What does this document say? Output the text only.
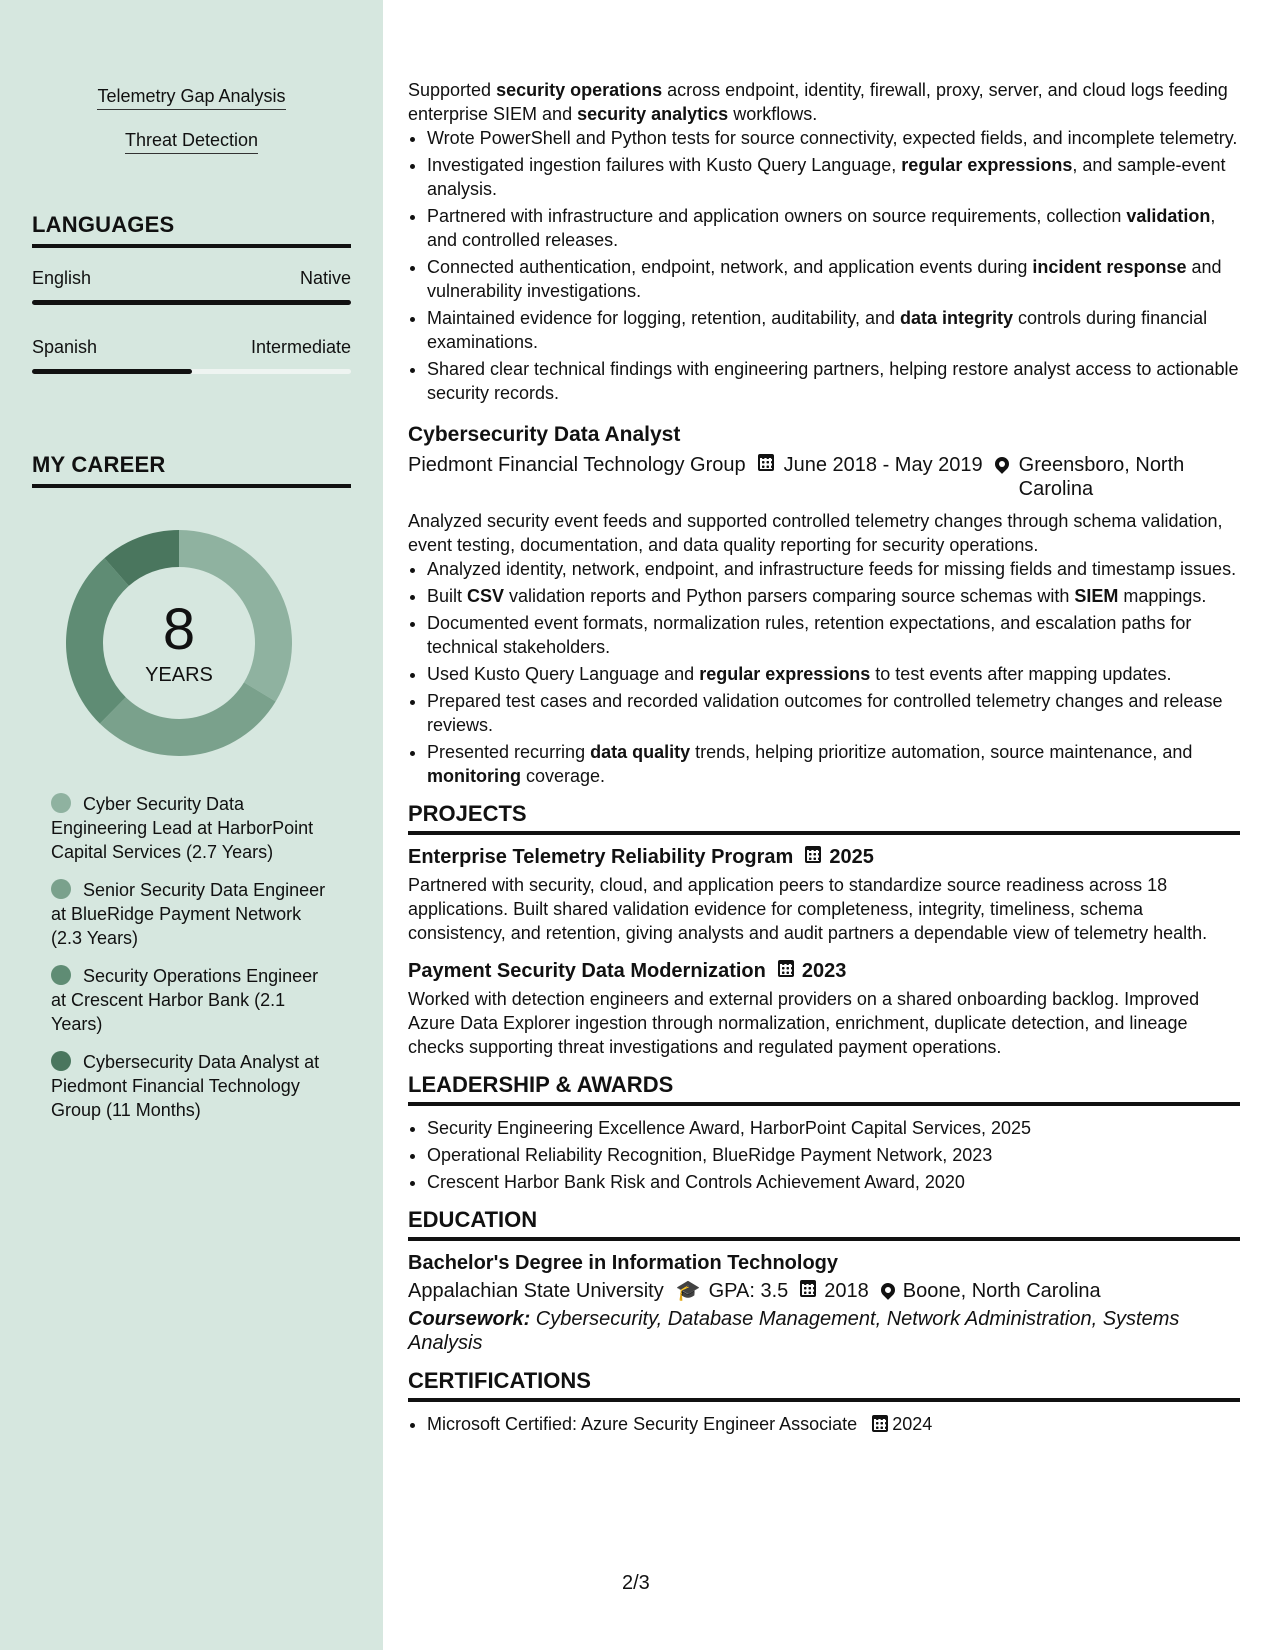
Telemetry Gap Analysis
Threat Detection
LANGUAGES
English	Native
Spanish	Intermediate
MY CAREER
8
YEARS
Cyber Security Data Engineering Lead at HarborPoint Capital Services (2.7 Years)
Senior Security Data Engineer at BlueRidge Payment Network (2.3 Years)
Security Operations Engineer at Crescent Harbor Bank (2.1 Years)
Cybersecurity Data Analyst at Piedmont Financial Technology Group (11 Months)

Supported security operations across endpoint, identity, firewall, proxy, server, and cloud logs feeding enterprise SIEM and security analytics workflows.

• Wrote PowerShell and Python tests for source connectivity, expected fields, and incomplete telemetry.
• Investigated ingestion failures with Kusto Query Language, regular expressions, and sample-event analysis.
• Partnered with infrastructure and application owners on source requirements, collection validation, and controlled releases.
• Connected authentication, endpoint, network, and application events during incident response and vulnerability investigations.
• Maintained evidence for logging, retention, auditability, and data integrity controls during financial examinations.
• Shared clear technical findings with engineering partners, helping restore analyst access to actionable security records.
Cybersecurity Data Analyst
Piedmont Financial Technology Group June 2018 - May 2019 Greensboro, North Carolina

Analyzed security event feeds and supported controlled telemetry changes through schema validation, event testing, documentation, and data quality reporting for security operations.

• Analyzed identity, network, endpoint, and infrastructure feeds for missing fields and timestamp issues.
• Built CSV validation reports and Python parsers comparing source schemas with SIEM mappings.
• Documented event formats, normalization rules, retention expectations, and escalation paths for technical stakeholders.
• Used Kusto Query Language and regular expressions to test events after mapping updates.
• Prepared test cases and recorded validation outcomes for controlled telemetry changes and release reviews.
• Presented recurring data quality trends, helping prioritize automation, source maintenance, and monitoring coverage.
PROJECTS
Enterprise Telemetry Reliability Program 2025

Partnered with security, cloud, and application peers to standardize source readiness across 18 applications. Built shared validation evidence for completeness, integrity, timeliness, schema consistency, and retention, giving analysts and audit partners a dependable view of telemetry health.

Payment Security Data Modernization 2023

Worked with detection engineers and external providers on a shared onboarding backlog. Improved Azure Data Explorer ingestion through normalization, enrichment, duplicate detection, and lineage checks supporting threat investigations and regulated payment operations.

LEADERSHIP & AWARDS
• Security Engineering Excellence Award, HarborPoint Capital Services, 2025
• Operational Reliability Recognition, BlueRidge Payment Network, 2023
• Crescent Harbor Bank Risk and Controls Achievement Award, 2020
EDUCATION
Bachelor's Degree in Information Technology
Appalachian State University 🎓 GPA: 3.5 2018 Boone, North Carolina
Coursework: Cybersecurity, Database Management, Network Administration, Systems Analysis
CERTIFICATIONS
• Microsoft Certified: Azure Security Engineer Associate 2024
2/3
